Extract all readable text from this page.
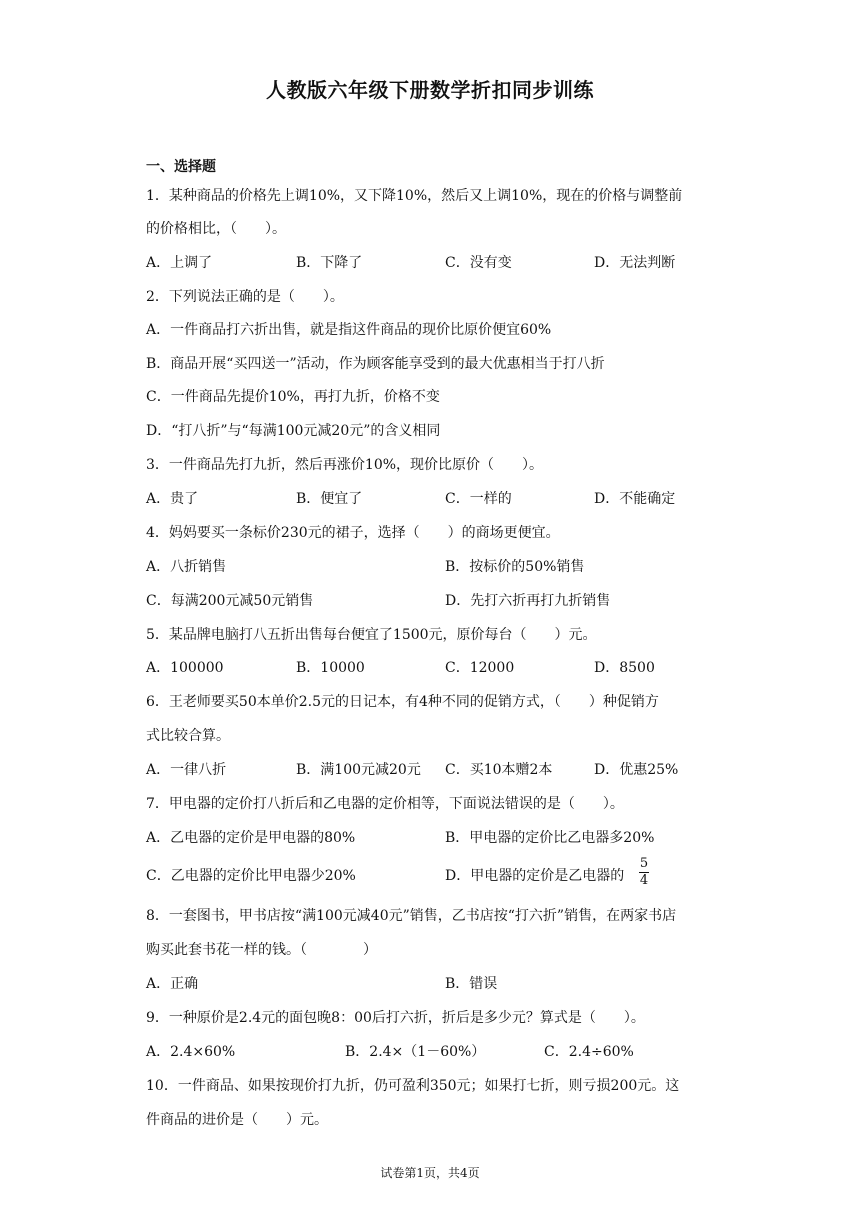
人教版六年级下册数学折扣同步训练
一、选择题
1．某种商品的价格先上调10%，又下降10%，然后又上调10%，现在的价格与调整前
的价格相比，（　　）。
A．上调了	B．下降了	C．没有变	D．无法判断
2．下列说法正确的是（　　）。
A．一件商品打六折出售，就是指这件商品的现价比原价便宜60%
B．商品开展“买四送一”活动，作为顾客能享受到的最大优惠相当于打八折
C．一件商品先提价10%，再打九折，价格不变
D．“打八折”与“每满100元减20元”的含义相同
3．一件商品先打九折，然后再涨价10%，现价比原价（　　）。
A．贵了	B．便宜了	C．一样的	D．不能确定
4．妈妈要买一条标价230元的裙子，选择（　　）的商场更便宜。
A．八折销售	B．按标价的50%销售
C．每满200元减50元销售	D．先打六折再打九折销售
5．某品牌电脑打八五折出售每台便宜了1500元，原价每台（　　）元。
A．100000	B．10000	C．12000	D．8500
6．王老师要买50本单价2.5元的日记本，有4种不同的促销方式，（　　）种促销方
式比较合算。
A．一律八折	B．满100元减20元 C．买10本赠2本	D．优惠25%
7．甲电器的定价打八折后和乙电器的定价相等，下面说法错误的是（　　）。
A．乙电器的定价是甲电器的80%	B．甲电器的定价比乙电器多20%
C．乙电器的定价比甲电器少20%	D．甲电器的定价是乙电器的
5
4
8．一套图书，甲书店按“满100元减40元”销售，乙书店按“打六折”销售，在两家书店
购买此套书花一样的钱。（　　　　）
A．正确	B．错误
9．一种原价是2.4元的面包晚8：00后打六折，折后是多少元？算式是（　　）。
A．2.4×60%	B．2.4×（1－60%）	C．2.4÷60%
10．一件商品、如果按现价打九折，仍可盈利350元；如果打七折，则亏损200元。这
件商品的进价是（　　）元。
试卷第1页，共4页
